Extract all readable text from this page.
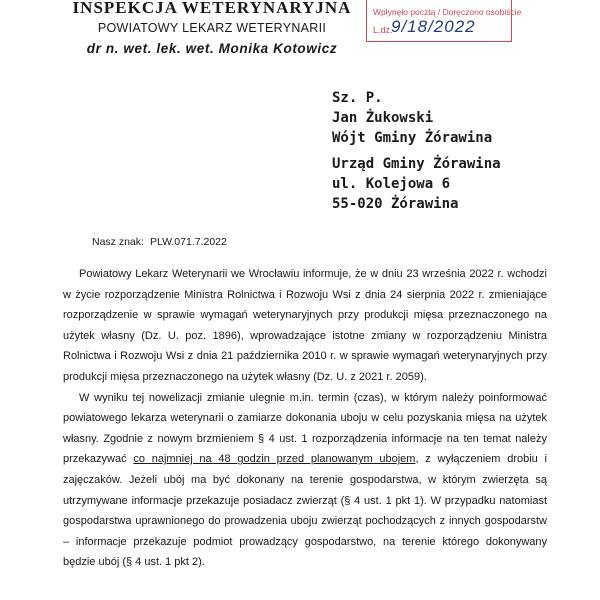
INSPEKCJA WETERYNARYJNA
POWIATOWY LEKARZ WETERYNARII
dr n. wet. lek. wet. Monika Kotowicz
Wpłynęło pocztą / Doręczono osobiście
L.dz.
9/18/2022
Sz. P.
Jan Żukowski
Wójt Gminy Żórawina
Urząd Gminy Żórawina
ul. Kolejowa 6
55-020 Żórawina
Nasz znak: PLW.071.7.2022

Powiatowy Lekarz Weterynarii we Wrocławiu informuje, że w dniu 23 września 2022 r. wchodzi w życie rozporządzenie Ministra Rolnictwa i Rozwoju Wsi z dnia 24 sierpnia 2022 r. zmieniające rozporządzenie w sprawie wymagań weterynaryjnych przy produkcji mięsa przeznaczonego na użytek własny (Dz. U. poz. 1896), wprowadzające istotne zmiany w rozporządzeniu Ministra Rolnictwa i Rozwoju Wsi z dnia 21 października 2010 r. w sprawie wymagań weterynaryjnych przy produkcji mięsa przeznaczonego na użytek własny (Dz. U. z 2021 r. 2059).

W wyniku tej nowelizacji zmianie ulegnie m.in. termin (czas), w którym należy poinformować powiatowego lekarza weterynarii o zamiarze dokonania uboju w celu pozyskania mięsa na użytek własny. Zgodnie z nowym brzmieniem § 4 ust. 1 rozporządzenia informacje na ten temat należy przekazywać co najmniej na 48 godzin przed planowanym ubojem, z wyłączeniem drobiu i zajęczaków. Jeżeli ubój ma być dokonany na terenie gospodarstwa, w którym zwierzęta są utrzymywane informacje przekazuje posiadacz zwierząt (§ 4 ust. 1 pkt 1). W przypadku natomiast gospodarstwa uprawnionego do prowadzenia uboju zwierząt pochodzących z innych gospodarstw – informacje przekazuje podmiot prowadzący gospodarstwo, na terenie którego dokonywany będzie ubój (§ 4 ust. 1 pkt 2).
